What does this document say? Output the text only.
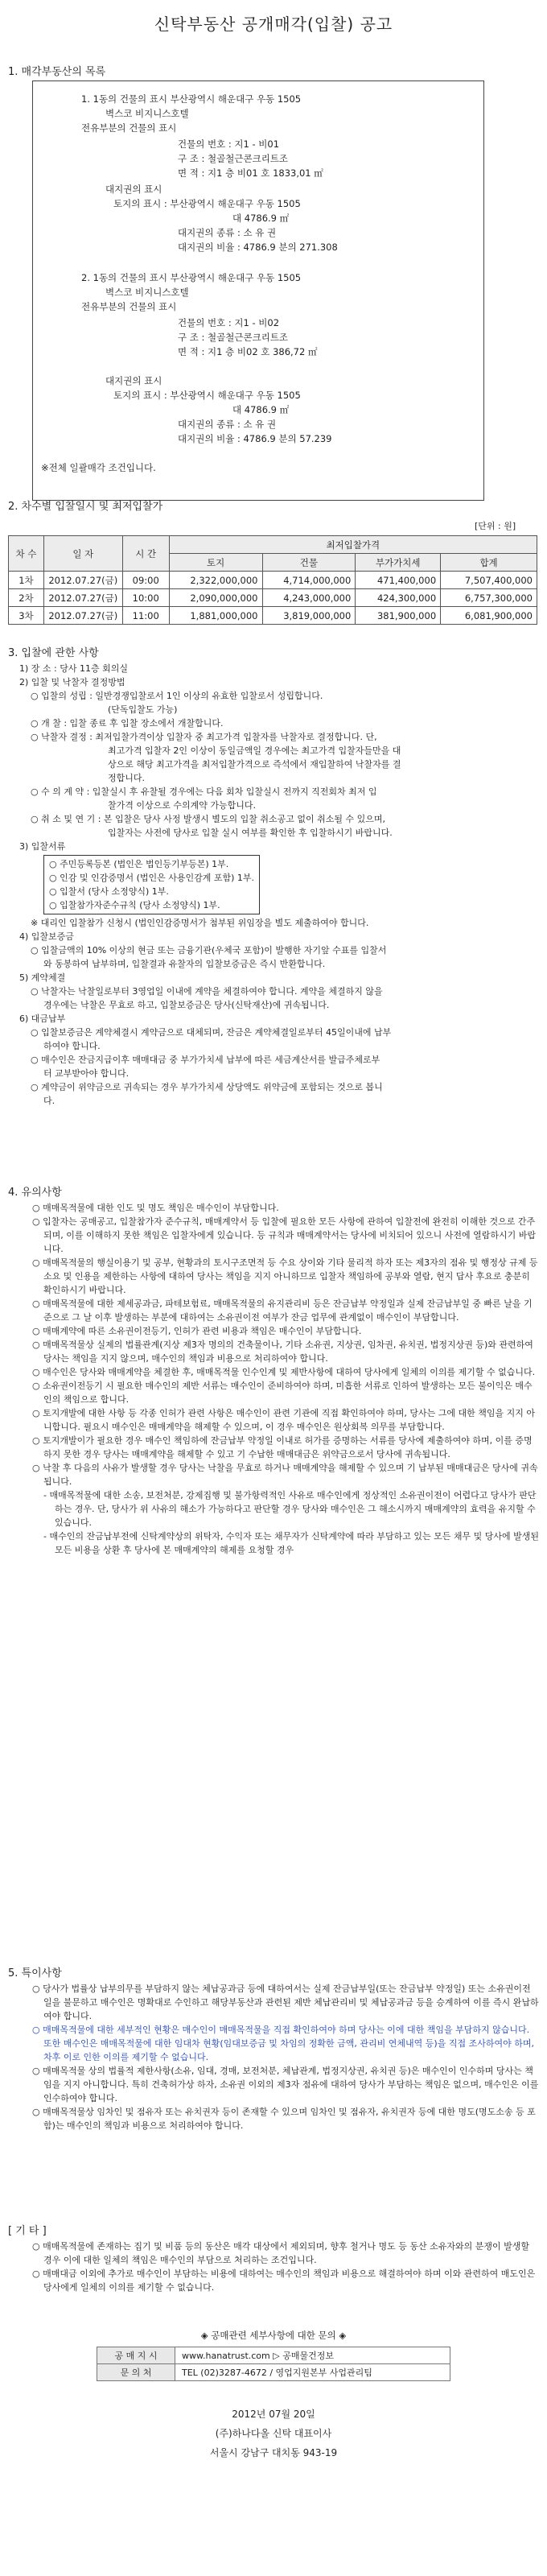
신탁부동산 공개매각(입찰) 공고
1. 매각부동산의 목록
1. 1동의 건물의 표시 부산광역시 해운대구 우동 1505
벽스코 비지니스호텔
전유부분의 건물의 표시
건물의 번호 : 지1 - 비01
구 조 : 철골철근콘크리트조
면 적 : 지1 층 비01 호 1833,01 ㎡
대지권의 표시
토지의 표시 : 부산광역시 해운대구 우동 1505
대 4786.9 ㎡
대지권의 종류 : 소 유 권
대지권의 비율 : 4786.9 분의 271.308
2. 1동의 건물의 표시 부산광역시 해운대구 우동 1505
벽스코 비지니스호텔
전유부분의 건물의 표시
건물의 번호 : 지1 - 비02
구 조 : 철골철근콘크리트조
면 적 : 지1 층 비02 호 386,72 ㎡
대지권의 표시
토지의 표시 : 부산광역시 해운대구 우동 1505
대 4786.9 ㎡
대지권의 종류 : 소 유 권
대지권의 비율 : 4786.9 분의 57.239
※전체 일괄매각 조건입니다.
2. 차수별 입찰일시 및 최저입찰가
[단위 : 원]
차 수	일 자	시 간	최저입찰가격			
			토지	건물	부가가치세	합계
1차	2012.07.27(금)	09:00	2,322,000,000	4,714,000,000	471,400,000	7,507,400,000
2차	2012.07.27(금)	10:00	2,090,000,000	4,243,000,000	424,300,000	6,757,300,000
3차	2012.07.27(금)	11:00	1,881,000,000	3,819,000,000	381,900,000	6,081,900,000
3. 입찰에 관한 사항

1) 장 소 : 당사 11층 회의실

2) 입찰 및 낙찰자 결정방법

○ 입찰의 성립 : 일반경쟁입찰로서 1인 이상의 유효한 입찰로서 성립합니다.

(단독입찰도 가능)

○ 개 찰 : 입찰 종료 후 입찰 장소에서 개찰합니다.

○ 낙찰자 결정 : 최저입찰가격이상 입찰자 중 최고가격 입찰자를 낙찰자로 결정합니다. 단,

최고가격 입찰자 2인 이상이 동일금액일 경우에는 최고가격 입찰자들만을 대

상으로 해당 최고가격을 최저입찰가격으로 즉석에서 재입찰하여 낙찰자를 결

정합니다.

○ 수 의 계 약 : 입찰실시 후 유찰될 경우에는 다음 회차 입찰실시 전까지 직전회차 최저 입

찰가격 이상으로 수의계약 가능합니다.

○ 취 소 및 연 기 : 본 입찰은 당사 사정 발생시 별도의 입찰 취소공고 없이 취소될 수 있으며,

입찰자는 사전에 당사로 입찰 실시 여부를 확인한 후 입찰하시기 바랍니다.

3) 입찰서류

○ 주민등록등본 (법인은 법인등기부등본) 1부.
○ 인감 및 인감증명서 (법인은 사용인감계 포함) 1부.
○ 입찰서 (당사 소정양식) 1부.
○ 입찰참가자준수규칙 (당사 소정양식) 1부.

※ 대리인 입찰참가 신청시 (법인인감증명서가 첨부된 위임장을 별도 제출하여야 합니다.

4) 입찰보증금

○ 입찰금액의 10% 이상의 현금 또는 금융기관(우체국 포함)이 발행한 자기앞 수표를 입찰서

와 동봉하여 납부하며, 입찰결과 유찰자의 입찰보증금은 즉시 반환합니다.

5) 계약체결

○ 낙찰자는 낙찰일로부터 3영업일 이내에 계약을 체결하여야 합니다. 계약을 체결하지 않을

경우에는 낙찰은 무효로 하고, 입찰보증금은 당사(신탁재산)에 귀속됩니다.

6) 대금납부

○ 입찰보증금은 계약체결시 계약금으로 대체되며, 잔금은 계약체결일로부터 45일이내에 납부

하여야 합니다.

○ 매수인은 잔금지급이후 매매대금 중 부가가치세 납부에 따른 세금계산서를 발급주체로부

터 교부받아야 합니다.

○ 계약금이 위약금으로 귀속되는 경우 부가가치세 상당액도 위약금에 포함되는 것으로 봅니

다.

4. 유의사항

○ 매매목적물에 대한 인도 및 명도 책임은 매수인이 부담합니다.

○ 입찰자는 공매공고, 입찰참가자 준수규칙, 매매계약서 등 입찰에 필요한 모든 사항에 관하여 입찰전에 완전히 이해한 것으로 간주되며, 이를 이해하지 못한 책임은 입찰자에게 있습니다. 등 규칙과 매매계약서는 당사에 비치되어 있으니 사전에 열람하시기 바랍니다.

○ 매매목적물의 행실이용기 및 공부, 현황과의 토시구조면적 등 수요 상이와 기타 물리적 하자 또는 제3자의 점유 및 행정상 규제 등 소요 및 인용을 제한하는 사항에 대하여 당사는 책임을 지지 아니하므로 입찰자 책임하에 공부와 열람, 현지 답사 후요로 충분히 확인하시기 바랍니다.

○ 매매목적물에 대한 제세공과금, 파테보험료, 매매목적물의 유지관리비 등은 잔금납부 약정일과 실제 잔금납부일 중 빠른 날을 기준으로 그 날 이후 발생하는 부분에 대하여는 소유권이전 여부가 잔금 업무에 관계없이 매수인이 부담합니다.

○ 매매계약에 따른 소유권이전등기, 인허가 관련 비용과 책임은 매수인이 부담합니다.

○ 매매목적물상 실제의 법률관계(지상 제3자 명의의 건축물이나, 기타 소유권, 지상권, 임차권, 유치권, 법정지상권 등)와 관련하여 당사는 책임을 지지 않으며, 매수인의 책임과 비용으로 처리하여야 합니다.

○ 매수인은 당사와 매매계약을 체결한 후, 매매목적물 인수인계 및 제반사항에 대하여 당사에게 일체의 이의를 제기할 수 없습니다.

○ 소유권이전등기 시 필요한 매수인의 제반 서류는 매수인이 준비하여야 하며, 미흡한 서류로 인하여 발생하는 모든 불이익은 매수인의 책임으로 합니다.

○ 토지개발에 대한 사항 등 각종 인허가 관련 사항은 매수인이 관련 기관에 직접 확인하여야 하며, 당사는 그에 대한 책임을 지지 아니합니다. 필요시 매수인은 매매계약을 해제할 수 있으며, 이 경우 매수인은 원상회복 의무를 부담합니다.

○ 토지개발이가 필요한 경우 매수인 책임하에 잔금납부 약정일 이내로 허가를 증명하는 서류를 당사에 제출하여야 하며, 이를 증명하지 못한 경우 당사는 매매계약을 해제할 수 있고 기 수납한 매매대금은 위약금으로서 당사에 귀속됩니다.

○ 낙찰 후 다음의 사유가 발생할 경우 당사는 낙찰을 무효로 하거나 매매계약을 해제할 수 있으며 기 납부된 매매대금은 당사에 귀속됩니다.

- 매매목적물에 대한 소송, 보전처분, 강제집행 및 불가항력적인 사유로 매수인에게 정상적인 소유권이전이 어렵다고 당사가 판단하는 경우. 단, 당사가 위 사유의 해소가 가능하다고 판단할 경우 당사와 매수인은 그 해소시까지 매매계약의 효력을 유지할 수 있습니다.

- 매수인의 잔금납부전에 신탁계약상의 위탁자, 수익자 또는 채무자가 신탁계약에 따라 부담하고 있는 모든 채무 및 당사에 발생된 모든 비용을 상환 후 당사에 본 매매계약의 해제를 요청할 경우

5. 특이사항

○ 당사가 법률상 납부의무를 부담하지 않는 체납공과금 등에 대하여서는 실제 잔금납부일(또는 잔금납부 약정일) 또는 소유권이전일을 불문하고 매수인은 명확대로 수인하고 해당부동산과 관련된 제반 체납관리비 및 체납공과금 등을 승계하여 이를 즉시 완납하여야 합니다.

○ 매매목적물에 대한 세부적인 현황은 매수인이 매매목적물을 직접 확인하여야 하며 당사는 이에 대한 책임을 부담하지 않습니다. 또한 매수인은 매매목적물에 대한 임대차 현황(임대보증금 및 차임의 정확한 금액, 관리비 연체내역 등)을 직접 조사하여야 하며, 차후 이로 인한 이의를 제기할 수 없습니다.

○ 매매목적물 상의 법률적 제한사항(소유, 임대, 경매, 보전처분, 체납관계, 법정지상권, 유치권 등)은 매수인이 인수하며 당사는 책임을 지지 아니합니다. 특히 건축허가상 하자, 소유권 이외의 제3자 점유에 대하여 당사가 부담하는 책임은 없으며, 매수인은 이를 인수하여야 합니다.

○ 매매목적물상 임차인 및 점유자 또는 유치권자 등이 존재할 수 있으며 임차인 및 점유자, 유치권자 등에 대한 명도(명도소송 등 포함)는 매수인의 책임과 비용으로 처리하여야 합니다.

[ 기 타 ]

○ 매매목적물에 존재하는 집기 및 비품 등의 동산은 매각 대상에서 제외되며, 향후 철거나 명도 등 동산 소유자와의 분쟁이 발생할 경우 이에 대한 일체의 책임은 매수인의 부담으로 처리하는 조건입니다.

○ 매매대금 이외에 추가로 매수인이 부담하는 비용에 대하여는 매수인의 책임과 비용으로 해결하여야 하며 이와 관련하여 매도인은 당사에게 일체의 이의를 제기할 수 없습니다.

◈ 공매관련 세부사항에 대한 문의 ◈
공 매 지 시	www.hanatrust.com ▷ 공매물건정보
문 의 처	TEL (02)3287-4672 / 영업지원본부 사업관리팀
2012년 07월 20일
(주)하나다올 신탁 대표이사
서울시 강남구 대치동 943-19
